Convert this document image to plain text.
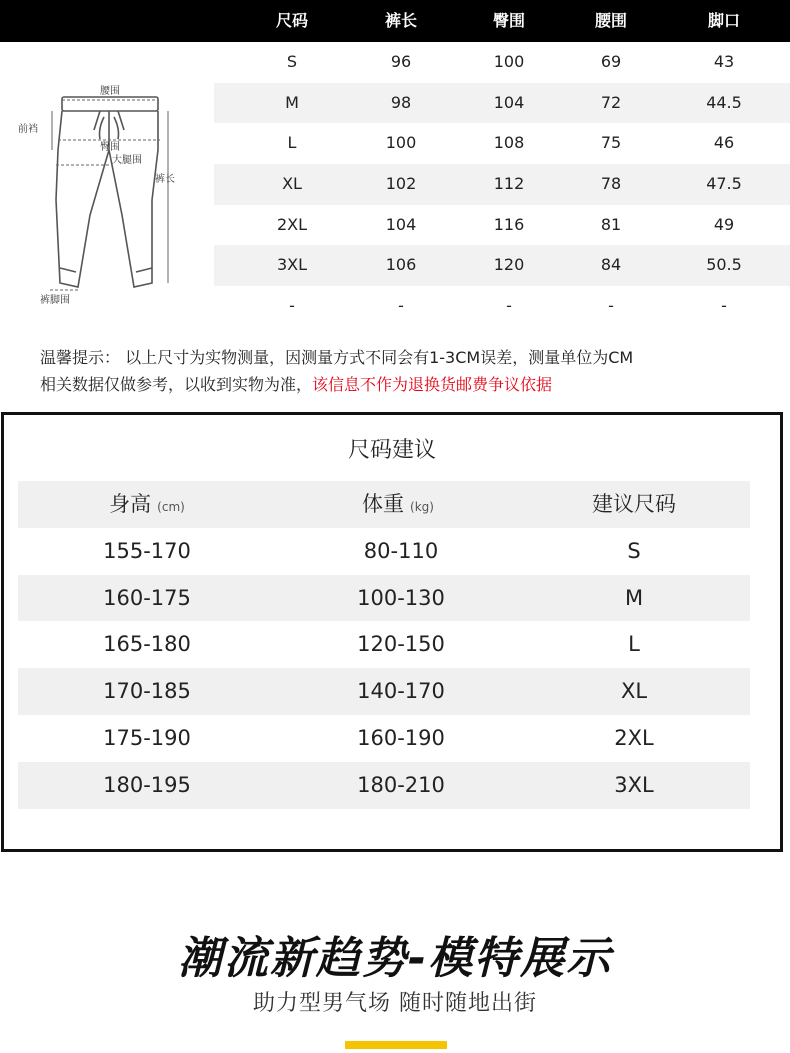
尺码	裤长	臀围	腰围	脚口
腰围
前裆
臀围
大腿围
裤长
裤脚围
S	96	100	69	43
M	98	104	72	44.5
L	100	108	75	46
XL	102	112	78	47.5
2XL	104	116	81	49
3XL	106	120	84	50.5
-	-	-	-	-
温馨提示： 以上尺寸为实物测量，因测量方式不同会有1-3CM误差，测量单位为CM
相关数据仅做参考，以收到实物为准，该信息不作为退换货邮费争议依据
尺码建议
身高 (cm)	体重 (kg)	建议尺码
155-170	80-110	S
160-175	100-130	M
165-180	120-150	L
170-185	140-170	XL
175-190	160-190	2XL
180-195	180-210	3XL
潮流新趋势-模特展示
助力型男气场 随时随地出街
